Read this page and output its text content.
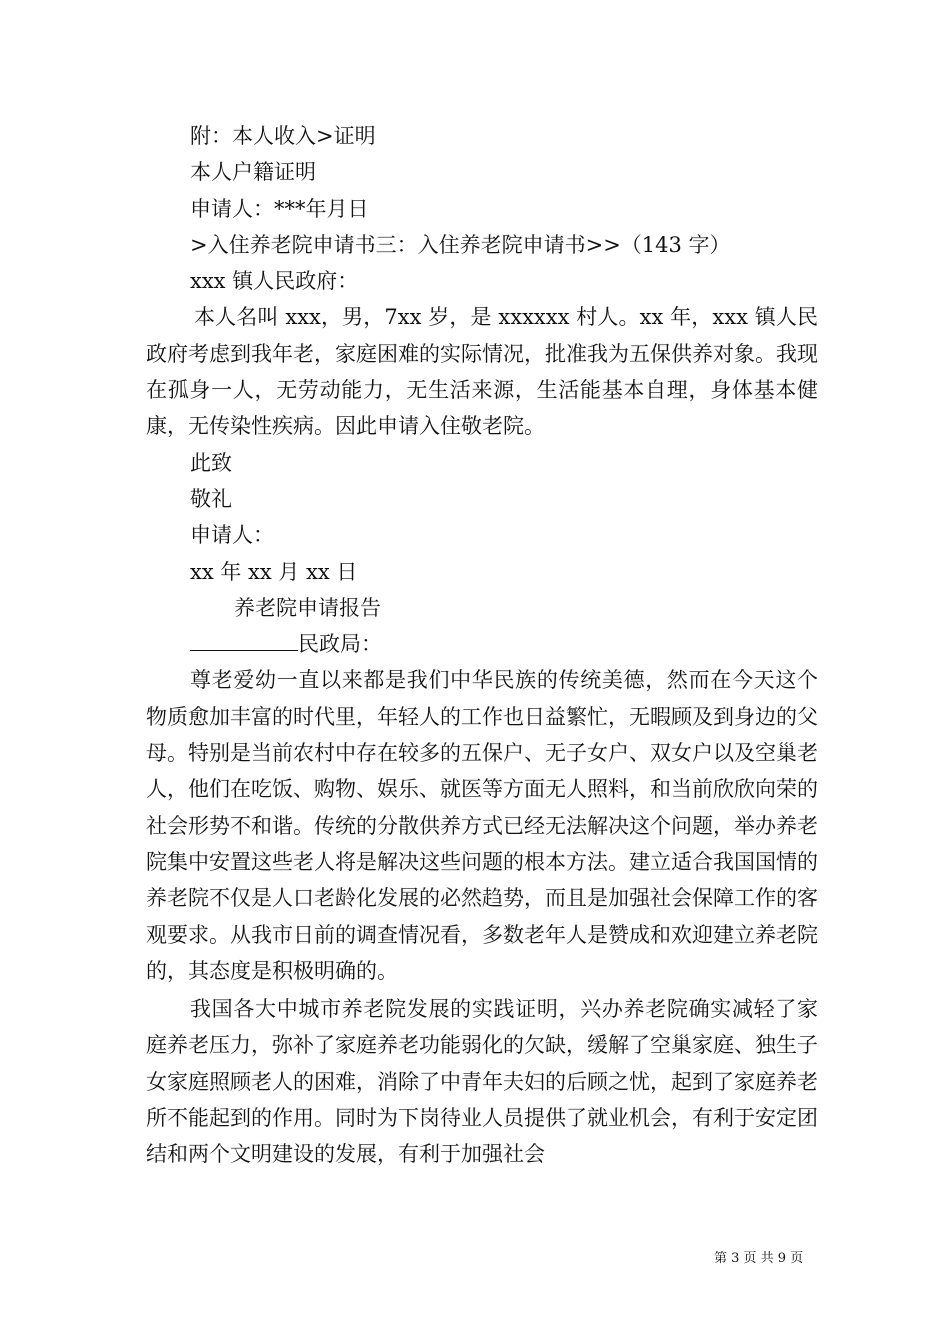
附：本人收入>证明
本人户籍证明
申请人：***年月日
>入住养老院申请书三：入住养老院申请书>>（143 字）
xxx 镇人民政府：

本人名叫 xxx，男，7xx 岁，是 xxxxxx 村人。xx 年，xxx 镇人民政府考虑到我年老，家庭困难的实际情况，批准我为五保供养对象。我现在孤身一人，无劳动能力，无生活来源，生活能基本自理，身体基本健康，无传染性疾病。因此申请入住敬老院。

此致
敬礼
申请人：
xx 年 xx 月 xx 日
养老院申请报告
民政局：

尊老爱幼一直以来都是我们中华民族的传统美德，然而在今天这个物质愈加丰富的时代里，年轻人的工作也日益繁忙，无暇顾及到身边的父母。特别是当前农村中存在较多的五保户、无子女户、双女户以及空巢老人，他们在吃饭、购物、娱乐、就医等方面无人照料，和当前欣欣向荣的社会形势不和谐。传统的分散供养方式已经无法解决这个问题，举办养老院集中安置这些老人将是解决这些问题的根本方法。建立适合我国国情的养老院不仅是人口老龄化发展的必然趋势，而且是加强社会保障工作的客观要求。从我市日前的调查情况看，多数老年人是赞成和欢迎建立养老院的，其态度是积极明确的。

我国各大中城市养老院发展的实践证明，兴办养老院确实减轻了家庭养老压力，弥补了家庭养老功能弱化的欠缺，缓解了空巢家庭、独生子女家庭照顾老人的困难，消除了中青年夫妇的后顾之忧，起到了家庭养老所不能起到的作用。同时为下岗待业人员提供了就业机会，有利于安定团结和两个文明建设的发展，有利于加强社会

第 3 页 共 9 页
